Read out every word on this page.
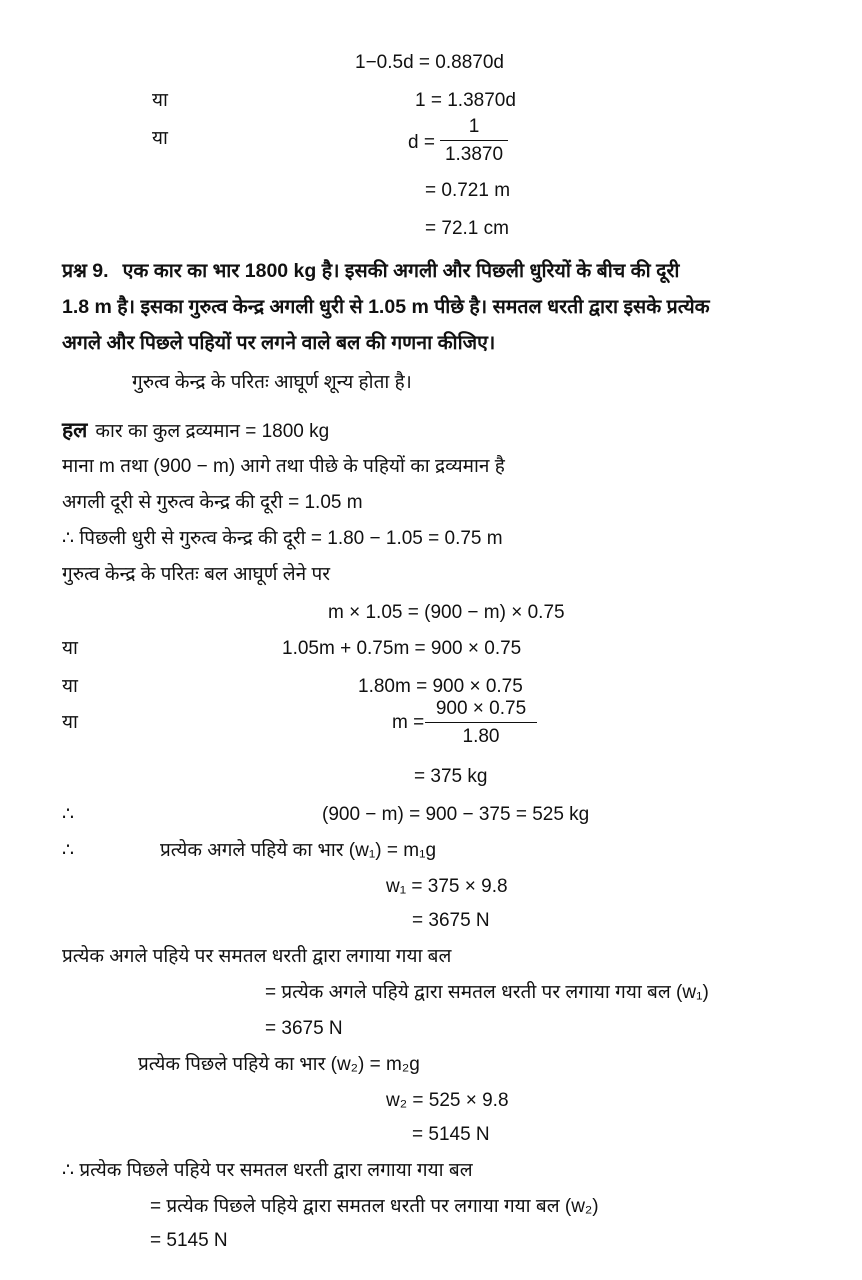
1−0.5d = 0.8870d
या	1 = 1.3870d
या	$d = \frac{1}{1.3870}$
= 0.721 m
= 72.1 cm
प्रश्न 9. एक कार का भार 1800 kg है। इसकी अगली और पिछली धुरियों के बीच की दूरी
1.8 m है। इसका गुरुत्व केन्द्र अगली धुरी से 1.05 m पीछे है। समतल धरती द्वारा इसके प्रत्येक
अगले और पिछले पहियों पर लगने वाले बल की गणना कीजिए।
गुरुत्व केन्द्र के परितः आघूर्ण शून्य होता है।
हल कार का कुल द्रव्यमान = 1800 kg
माना m तथा (900 − m) आगे तथा पीछे के पहियों का द्रव्यमान है
अगली दूरी से गुरुत्व केन्द्र की दूरी = 1.05 m
∴ पिछली धुरी से गुरुत्व केन्द्र की दूरी = 1.80 − 1.05 = 0.75 m
गुरुत्व केन्द्र के परितः बल आघूर्ण लेने पर
m × 1.05 = (900 − m) × 0.75
या	1.05m + 0.75m = 900 × 0.75
या	1.80m = 900 × 0.75
या	$m = \frac{900 \times 0.75}{1.80}$
= 375 kg
∴	(900 − m) = 900 − 375 = 525 kg
∴	प्रत्येक अगले पहिये का भार (w₁) = m₁g
w₁ = 375 × 9.8
= 3675 N
प्रत्येक अगले पहिये पर समतल धरती द्वारा लगाया गया बल
= प्रत्येक अगले पहिये द्वारा समतल धरती पर लगाया गया बल (w₁)
= 3675 N
प्रत्येक पिछले पहिये का भार (w₂) = m₂g
w₂ = 525 × 9.8
= 5145 N
∴ प्रत्येक पिछले पहिये पर समतल धरती द्वारा लगाया गया बल
= प्रत्येक पिछले पहिये द्वारा समतल धरती पर लगाया गया बल (w₂)
= 5145 N
